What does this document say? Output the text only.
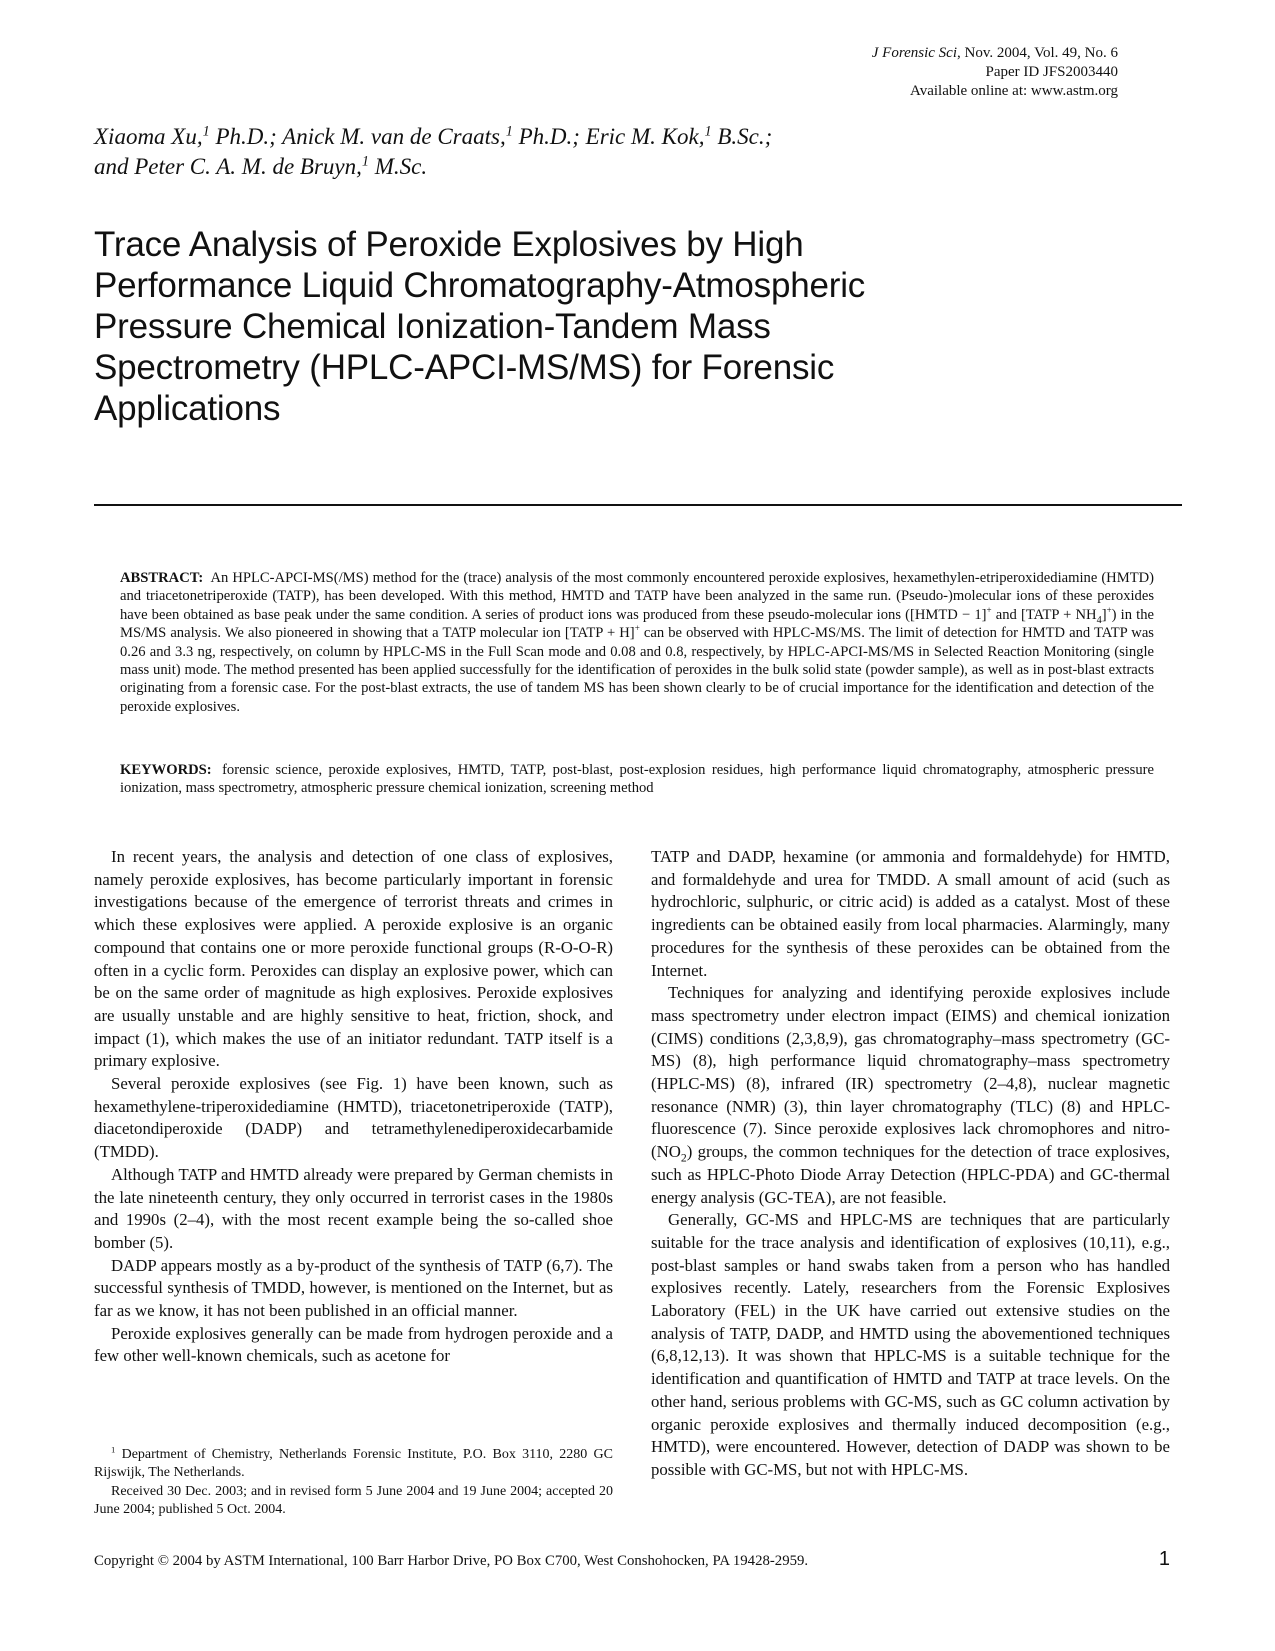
J Forensic Sci, Nov. 2004, Vol. 49, No. 6
Paper ID JFS2003440
Available online at: www.astm.org
Xiaoma Xu,$^1$ Ph.D.; Anick M. van de Craats,$^1$ Ph.D.; Eric M. Kok,$^1$ B.Sc.;
and Peter C. A. M. de Bruyn,$^1$ M.Sc.
Trace Analysis of Peroxide Explosives by High
Performance Liquid Chromatography-Atmospheric
Pressure Chemical Ionization-Tandem Mass
Spectrometry (HPLC-APCI-MS/MS) for Forensic
Applications
ABSTRACT: An HPLC-APCI-MS(/MS) method for the (trace) analysis of the most commonly encountered peroxide explosives, hexamethylen-etriperoxidediamine (HMTD) and triacetonetriperoxide (TATP), has been developed. With this method, HMTD and TATP have been analyzed in the same run. (Pseudo-)molecular ions of these peroxides have been obtained as base peak under the same condition. A series of product ions was produced from these pseudo-molecular ions ([HMTD − 1]+ and [TATP + $NH_4]^+$) in the MS/MS analysis. We also pioneered in showing that a TATP molecular ion [TATP + H]+ can be observed with HPLC-MS/MS. The limit of detection for HMTD and TATP was 0.26 and 3.3 ng, respectively, on column by HPLC-MS in the Full Scan mode and 0.08 and 0.8, respectively, by HPLC-APCI-MS/MS in Selected Reaction Monitoring (single mass unit) mode. The method presented has been applied successfully for the identification of peroxides in the bulk solid state (powder sample), as well as in post-blast extracts originating from a forensic case. For the post-blast extracts, the use of tandem MS has been shown clearly to be of crucial importance for the identification and detection of the peroxide explosives.
KEYWORDS: forensic science, peroxide explosives, HMTD, TATP, post-blast, post-explosion residues, high performance liquid chromatography, atmospheric pressure ionization, mass spectrometry, atmospheric pressure chemical ionization, screening method

In recent years, the analysis and detection of one class of explosives, namely peroxide explosives, has become particularly important in forensic investigations because of the emergence of terrorist threats and crimes in which these explosives were applied. A peroxide explosive is an organic compound that contains one or more peroxide functional groups (R-O-O-R) often in a cyclic form. Peroxides can display an explosive power, which can be on the same order of magnitude as high explosives. Peroxide explosives are usually unstable and are highly sensitive to heat, friction, shock, and impact (1), which makes the use of an initiator redundant. TATP itself is a primary explosive.

Several peroxide explosives (see Fig. 1) have been known, such as hexamethylene-triperoxidediamine (HMTD), triacetonetriperoxide (TATP), diacetondiperoxide (DADP) and tetramethylenediperoxidecarbamide (TMDD).

Although TATP and HMTD already were prepared by German chemists in the late nineteenth century, they only occurred in terrorist cases in the 1980s and 1990s (2–4), with the most recent example being the so-called shoe bomber (5).

DADP appears mostly as a by-product of the synthesis of TATP (6,7). The successful synthesis of TMDD, however, is mentioned on the Internet, but as far as we know, it has not been published in an official manner.

Peroxide explosives generally can be made from hydrogen peroxide and a few other well-known chemicals, such as acetone for

TATP and DADP, hexamine (or ammonia and formaldehyde) for HMTD, and formaldehyde and urea for TMDD. A small amount of acid (such as hydrochloric, sulphuric, or citric acid) is added as a catalyst. Most of these ingredients can be obtained easily from local pharmacies. Alarmingly, many procedures for the synthesis of these peroxides can be obtained from the Internet.

Techniques for analyzing and identifying peroxide explosives include mass spectrometry under electron impact (EIMS) and chemical ionization (CIMS) conditions (2,3,8,9), gas chromatography–mass spectrometry (GC-MS) (8), high performance liquid chromatography–mass spectrometry (HPLC-MS) (8), infrared (IR) spectrometry (2–4,8), nuclear magnetic resonance (NMR) (3), thin layer chromatography (TLC) (8) and HPLC-fluorescence (7). Since peroxide explosives lack chromophores and nitro- $(NO_2)$ groups, the common techniques for the detection of trace explosives, such as HPLC-Photo Diode Array Detection (HPLC-PDA) and GC-thermal energy analysis (GC-TEA), are not feasible.

Generally, GC-MS and HPLC-MS are techniques that are particularly suitable for the trace analysis and identification of explosives (10,11), e.g., post-blast samples or hand swabs taken from a person who has handled explosives recently. Lately, researchers from the Forensic Explosives Laboratory (FEL) in the UK have carried out extensive studies on the analysis of TATP, DADP, and HMTD using the abovementioned techniques (6,8,12,13). It was shown that HPLC-MS is a suitable technique for the identification and quantification of HMTD and TATP at trace levels. On the other hand, serious problems with GC-MS, such as GC column activation by organic peroxide explosives and thermally induced decomposition (e.g., HMTD), were encountered. However, detection of DADP was shown to be possible with GC-MS, but not with HPLC-MS.

$^1$ Department of Chemistry, Netherlands Forensic Institute, P.O. Box 3110, 2280 GC Rijswijk, The Netherlands.

Received 30 Dec. 2003; and in revised form 5 June 2004 and 19 June 2004; accepted 20 June 2004; published 5 Oct. 2004.

Copyright © 2004 by ASTM International, 100 Barr Harbor Drive, PO Box C700, West Conshohocken, PA 19428-2959.	1
